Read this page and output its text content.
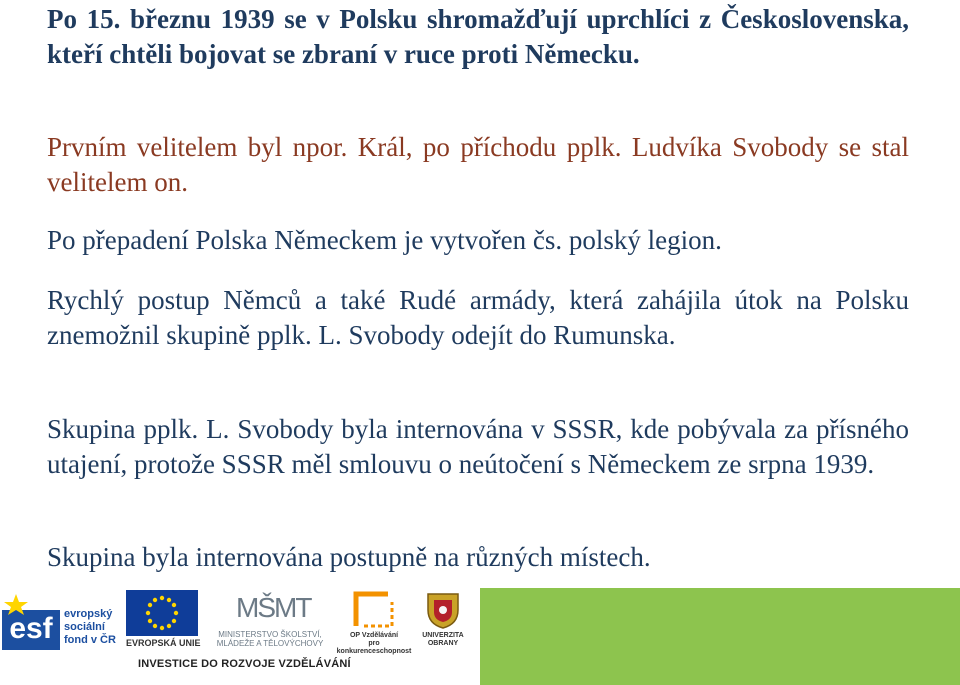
Po 15. březnu 1939 se v Polsku shromažďují uprchlíci z Československa, kteří chtěli bojovat se zbraní v ruce proti Německu.

Prvním velitelem byl npor. Král, po příchodu pplk. Ludvíka Svobody se stal velitelem on.

Po přepadení Polska Německem je vytvořen čs. polský legion.

Rychlý postup Němců a také Rudé armády, která zahájila útok na Polsku znemožnil skupině pplk. L. Svobody odejít do Rumunska.

Skupina pplk. L. Svobody byla internována v SSSR, kde pobývala za přísného utajení, protože SSSR měl smlouvu o neútočení s Německem ze srpna 1939.

Skupina byla internována postupně na různých místech.

esf	evropský
sociální
fond v ČR EVROPSKÁ UNIE
MŠMT
MINISTERSTVO ŠKOLSTVÍ,
MLÁDEŽE A TĚLOVÝCHOVY
OP Vzdělávání
pro konkurenceschopnost
UNIVERZITA
OBRANY
INVESTICE DO ROZVOJE VZDĚLÁVÁNÍ
